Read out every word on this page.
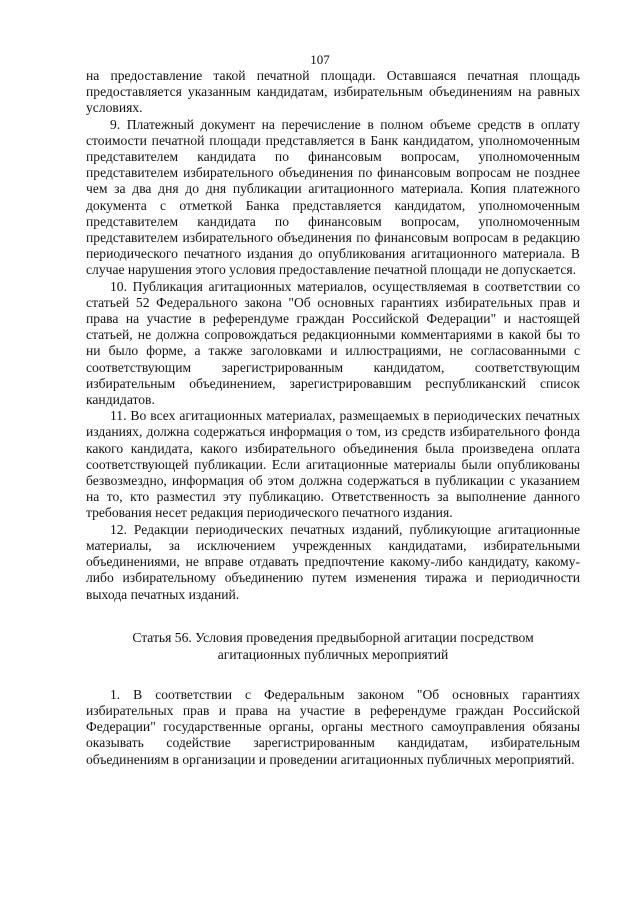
107

на предоставление такой печатной площади. Оставшаяся печатная площадь предоставляется указанным кандидатам, избирательным объединениям на равных условиях.

9. Платежный документ на перечисление в полном объеме средств в оплату стоимости печатной площади представляется в Банк кандидатом, уполномоченным представителем кандидата по финансовым вопросам, уполномоченным представителем избирательного объединения по финансовым вопросам не позднее чем за два дня до дня публикации агитационного материала. Копия платежного документа с отметкой Банка представляется кандидатом, уполномоченным представителем кандидата по финансовым вопросам, уполномоченным представителем избирательного объединения по финансовым вопросам в редакцию периодического печатного издания до опубликования агитационного материала. В случае нарушения этого условия предоставление печатной площади не допускается.

10. Публикация агитационных материалов, осуществляемая в соответствии со статьей 52 Федерального закона "Об основных гарантиях избирательных прав и права на участие в референдуме граждан Российской Федерации" и настоящей статьей, не должна сопровождаться редакционными комментариями в какой бы то ни было форме, а также заголовками и иллюстрациями, не согласованными с соответствующим зарегистрированным кандидатом, соответствующим избирательным объединением, зарегистрировавшим республиканский список кандидатов.

11. Во всех агитационных материалах, размещаемых в периодических печатных изданиях, должна содержаться информация о том, из средств избирательного фонда какого кандидата, какого избирательного объединения была произведена оплата соответствующей публикации. Если агитационные материалы были опубликованы безвозмездно, информация об этом должна содержаться в публикации с указанием на то, кто разместил эту публикацию. Ответственность за выполнение данного требования несет редакция периодического печатного издания.

12. Редакции периодических печатных изданий, публикующие агитационные материалы, за исключением учрежденных кандидатами, избирательными объединениями, не вправе отдавать предпочтение какому-либо кандидату, какому-либо избирательному объединению путем изменения тиража и периодичности выхода печатных изданий.

Статья 56. Условия проведения предвыборной агитации посредством
агитационных публичных мероприятий

1. В соответствии с Федеральным законом "Об основных гарантиях избирательных прав и права на участие в референдуме граждан Российской Федерации" государственные органы, органы местного самоуправления обязаны оказывать содействие зарегистрированным кандидатам, избирательным объединениям в организации и проведении агитационных публичных мероприятий.
